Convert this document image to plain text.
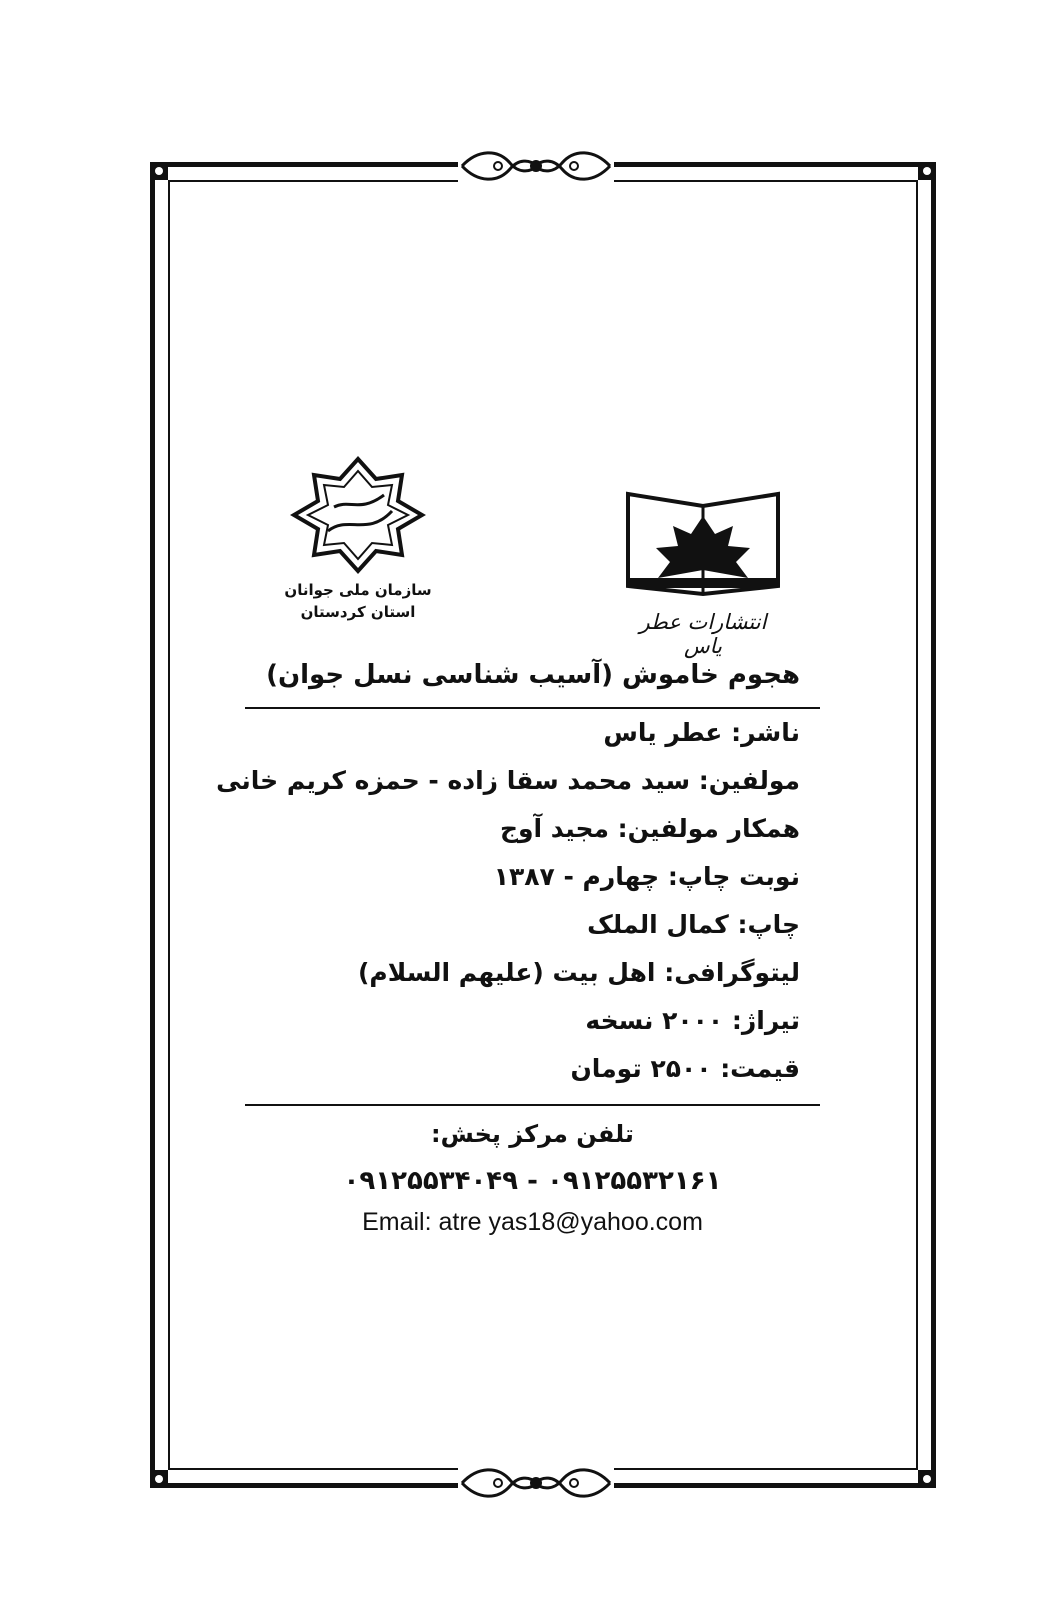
انتشارات عطر یاس
سازمان ملی جوانان
استان کردستان
هجوم خاموش (آسیب شناسی نسل جوان)
ناشر: عطر یاس
مولفین: سید محمد سقا زاده - حمزه کریم خانی
همکار مولفین: مجید آوج
نوبت چاپ: چهارم - ۱۳۸۷
چاپ: کمال الملک
لیتوگرافی: اهل بیت (علیهم السلام)
تیراژ: ۲۰۰۰ نسخه
قیمت: ۲۵۰۰ تومان
تلفن مرکز پخش:
۰۹۱۲۵۵۳۲۱۶۱ - ۰۹۱۲۵۵۳۴۰۴۹
Email: atre yas18@yahoo.com
